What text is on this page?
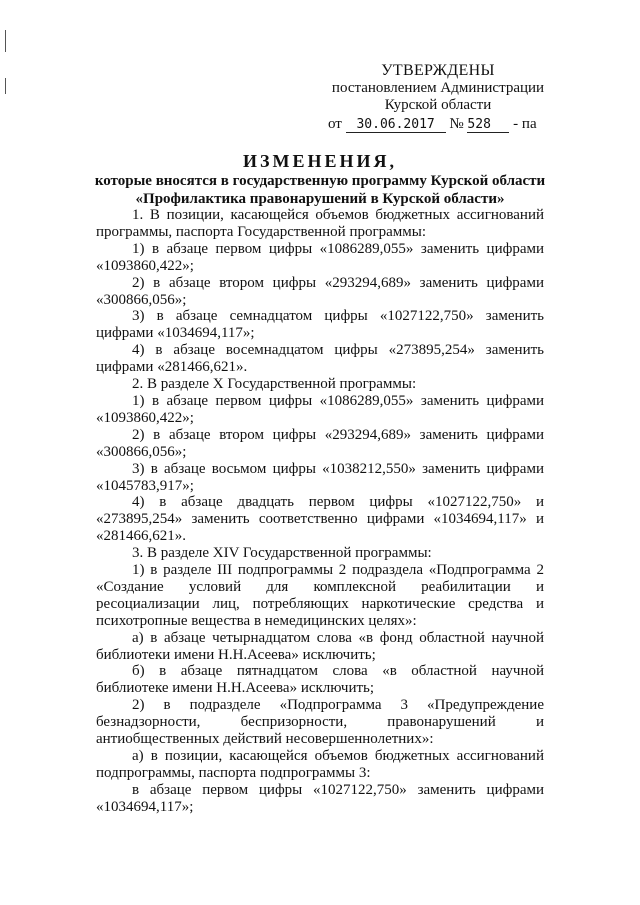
УТВЕРЖДЕНЫ
постановлением Администрации
Курской области
от 30.06.2017 № 528 - па
ИЗМЕНЕНИЯ,
которые вносятся в государственную программу Курской области
«Профилактика правонарушений в Курской области»

1. В позиции, касающейся объемов бюджетных ассигнований программы, паспорта Государственной программы:

1) в абзаце первом цифры «1086289,055» заменить цифрами «1093860,422»;

2) в абзаце втором цифры «293294,689» заменить цифрами «300866,056»;

3) в абзаце семнадцатом цифры «1027122,750» заменить цифрами «1034694,117»;

4) в абзаце восемнадцатом цифры «273895,254» заменить цифрами «281466,621».

2. В разделе X Государственной программы:

1) в абзаце первом цифры «1086289,055» заменить цифрами «1093860,422»;

2) в абзаце втором цифры «293294,689» заменить цифрами «300866,056»;

3) в абзаце восьмом цифры «1038212,550» заменить цифрами «1045783,917»;

4) в абзаце двадцать первом цифры «1027122,750» и «273895,254» заменить соответственно цифрами «1034694,117» и «281466,621».

3. В разделе XIV Государственной программы:

1) в разделе III подпрограммы 2 подраздела «Подпрограмма 2 «Создание условий для комплексной реабилитации и ресоциализации лиц, потребляющих наркотические средства и психотропные вещества в немедицинских целях»:

а) в абзаце четырнадцатом слова «в фонд областной научной библиотеки имени Н.Н.Асеева» исключить;

б) в абзаце пятнадцатом слова «в областной научной библиотеке имени Н.Н.Асеева» исключить;

2) в подразделе «Подпрограмма 3 «Предупреждение безнадзорности, беспризорности, правонарушений и антиобщественных действий несовершеннолетних»:

а) в позиции, касающейся объемов бюджетных ассигнований подпрограммы, паспорта подпрограммы 3:

в абзаце первом цифры «1027122,750» заменить цифрами «1034694,117»;
